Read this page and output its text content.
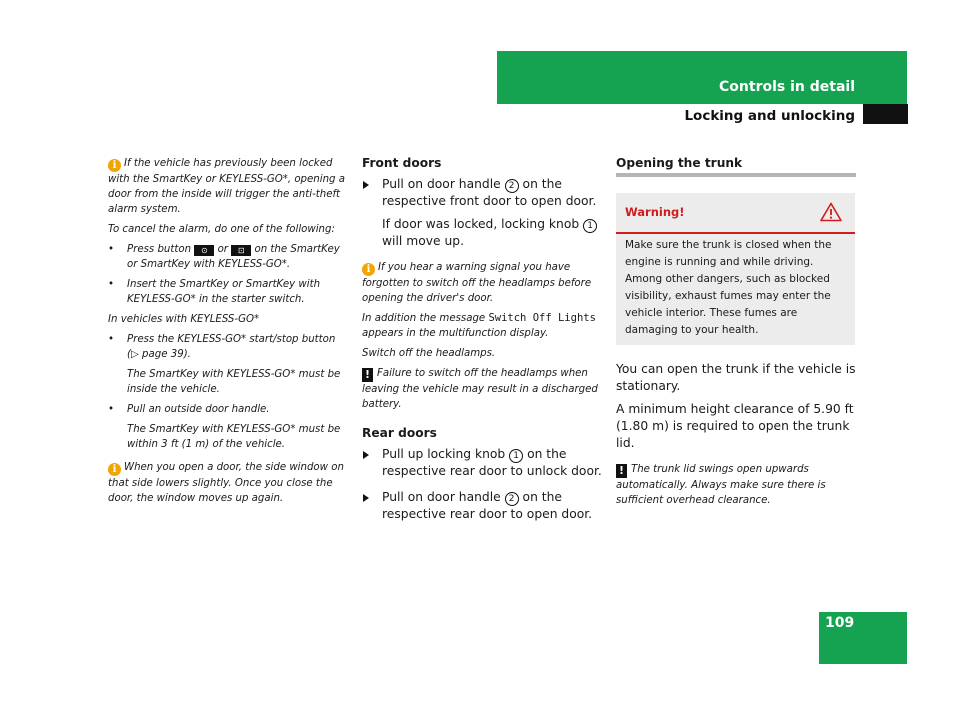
Controls in detail
Locking and unlocking

i If the vehicle has previously been locked with the SmartKey or KEYLESS-GO*, opening a door from the inside will trigger the anti-theft alarm system.

To cancel the alarm, do one of the following:

• Press button ⊙ or ⊡ on the SmartKey or SmartKey with KEYLESS-GO*.
• Insert the SmartKey or SmartKey with KEYLESS-GO* in the starter switch.

In vehicles with KEYLESS-GO*

• Press the KEYLESS-GO* start/stop button (▷ page 39).

The SmartKey with KEYLESS-GO* must be inside the vehicle.

• Pull an outside door handle.

The SmartKey with KEYLESS-GO* must be within 3 ft (1 m) of the vehicle.

i When you open a door, the side window on that side lowers slightly. Once you close the door, the window moves up again.

Front doors

Pull on door handle 2 on the respective front door to open door.

If door was locked, locking knob 1 will move up.

i If you hear a warning signal you have forgotten to switch off the headlamps before opening the driver's door.

In addition the message Switch Off Lights appears in the multifunction display.

Switch off the headlamps.

! Failure to switch off the headlamps when leaving the vehicle may result in a discharged battery.

Rear doors

Pull up locking knob 1 on the respective rear door to unlock door.
Pull on door handle 2 on the respective rear door to open door.

Opening the trunk

Warning!
Make sure the trunk is closed when the engine is running and while driving. Among other dangers, such as blocked visibility, exhaust fumes may enter the vehicle interior. These fumes are damaging to your health.

You can open the trunk if the vehicle is stationary.

A minimum height clearance of 5.90 ft (1.80 m) is required to open the trunk lid.

! The trunk lid swings open upwards automatically. Always make sure there is sufficient overhead clearance.

109
